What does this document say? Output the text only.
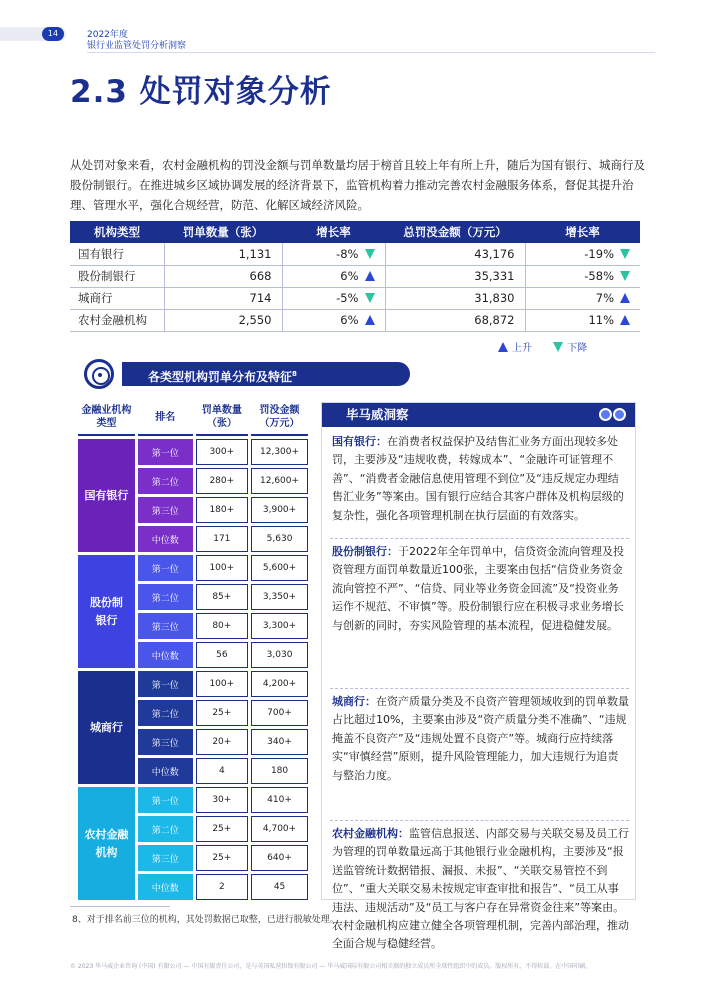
14	2022年度
银行业监管处罚分析洞察
2.3 处罚对象分析
从处罚对象来看，农村金融机构的罚没金额与罚单数量均居于榜首且较上年有所上升，随后为国有银行、城商行及股份制银行。在推进城乡区域协调发展的经济背景下，监管机构着力推动完善农村金融服务体系，督促其提升治理、管理水平，强化合规经营，防范、化解区域经济风险。
机构类型	罚单数量（张）	增长率	总罚没金额（万元）	增长率
国有银行	1,131	-8%	43,176	-19%
股份制银行	668	6%	35,331	-58%
城商行	714	-5%	31,830	7%
农村金融机构	2,550	6%	68,872	11%
上升	下降
各类型机构罚单分布及特征$^8$
金融业机构类型	排名	罚单数量（张）	罚没金额（万元）

国有银行	第一位	300+	12,300+
	第二位	280+	12,600+
	第三位	180+	3,900+
	中位数	171	5,630

股份制
银行	第一位	100+	5,600+
	第二位	85+	3,350+
	第三位	80+	3,300+
	中位数	56	3,030

城商行	第一位	100+	4,200+
	第二位	25+	700+
	第三位	20+	340+
	中位数	4	180

农村金融
机构	第一位	30+	410+
	第二位	25+	4,700+
	第三位	25+	640+
	中位数	2	45
毕马威洞察
国有银行：在消费者权益保护及结售汇业务方面出现较多处罚，主要涉及“违规收费，转嫁成本”、“金融许可证管理不善”、“消费者金融信息使用管理不到位”及“违反规定办理结售汇业务”等案由。国有银行应结合其客户群体及机构层级的复杂性，强化各项管理机制在执行层面的有效落实。
股份制银行：于2022年全年罚单中，信贷资金流向管理及投资管理方面罚单数量近100张，主要案由包括“信贷业务资金流向管控不严”、“信贷、同业等业务资金回流”及“投资业务运作不规范、不审慎”等。股份制银行应在积极寻求业务增长与创新的同时，夯实风险管理的基本流程，促进稳健发展。
城商行：在资产质量分类及不良资产管理领域收到的罚单数量占比超过10%，主要案由涉及“资产质量分类不准确”、“违规掩盖不良资产”及“违规处置不良资产”等。城商行应持续落实“审慎经营”原则，提升风险管理能力，加大违规行为追责与整治力度。
农村金融机构：监管信息报送、内部交易与关联交易及员工行为管理的罚单数量远高于其他银行业金融机构，主要涉及“报送监管统计数据错报、漏报、未报”、“关联交易管控不到位”、“重大关联交易未按规定审查审批和报告”、“员工从事违法、违规活动”及“员工与客户存在异常资金往来”等案由。农村金融机构应建立健全各项管理机制，完善内部治理，推动全面合规与稳健经营。
8、对于排名前三位的机构，其处罚数据已取整，已进行脱敏处理。
© 2023 毕马威企业咨询 (中国) 有限公司 — 中国有限责任公司，是与英国私营担保有限公司 — 毕马威国际有限公司相关联的独立成员所全球性组织中的成员。版权所有，不得转载。在中国印刷。
